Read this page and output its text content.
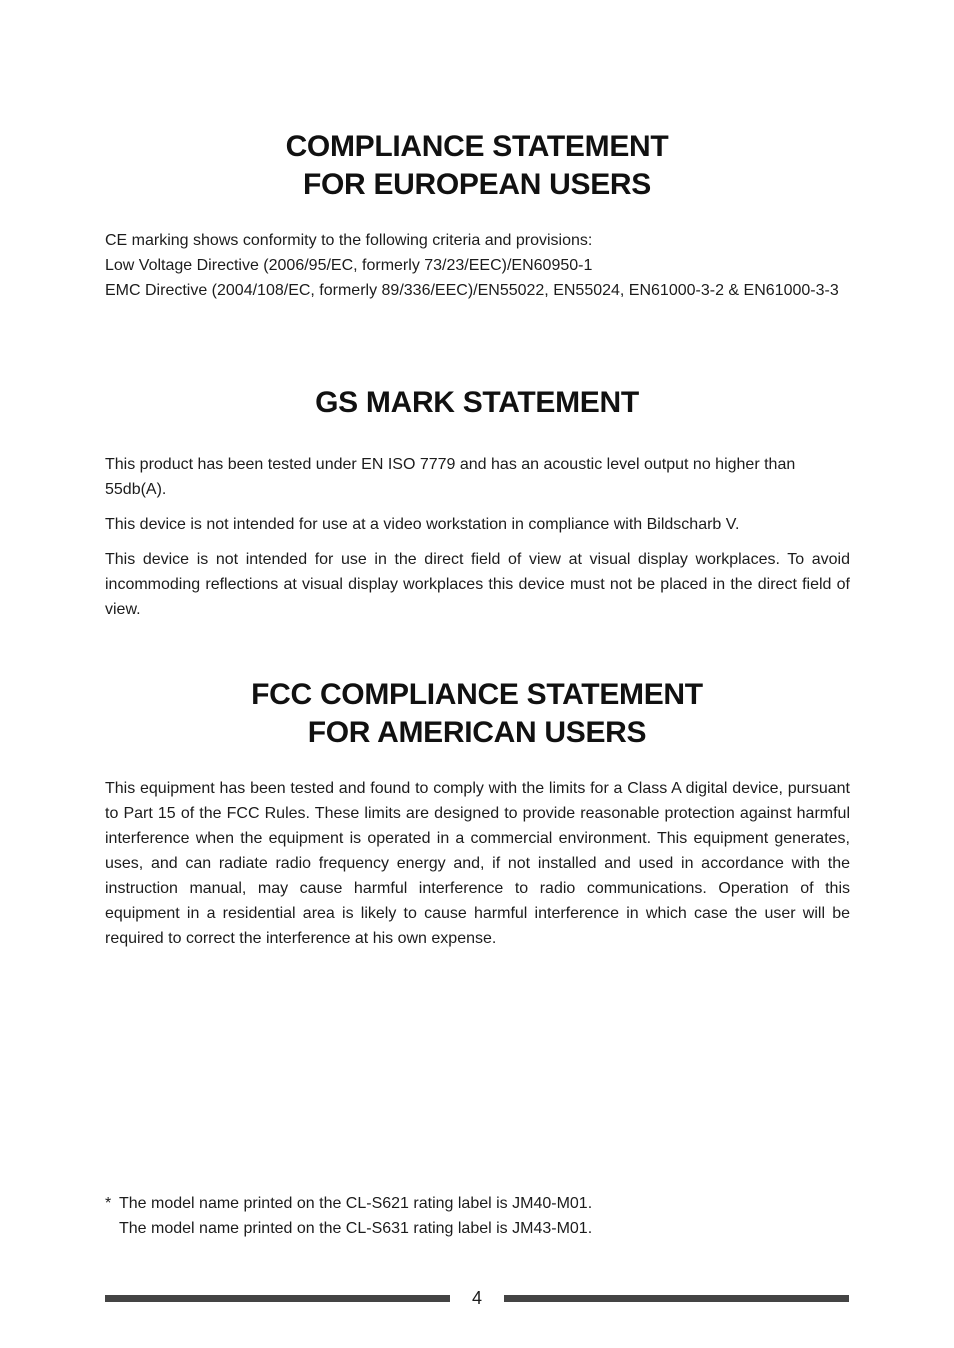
COMPLIANCE STATEMENT
FOR EUROPEAN USERS

CE marking shows conformity to the following criteria and provisions:

Low Voltage Directive (2006/95/EC, formerly 73/23/EEC)/EN60950-1

EMC Directive (2004/108/EC, formerly 89/336/EEC)/EN55022, EN55024, EN61000-3-2 & EN61000-3-3

GS MARK STATEMENT

This product has been tested under EN ISO 7779 and has an acoustic level output no higher than 55db(A).

This device is not intended for use at a video workstation in compliance with Bildscharb V.

This device is not intended for use in the direct field of view at visual display workplaces. To avoid incommoding reflections at visual display workplaces this device must not be placed in the direct field of view.

FCC COMPLIANCE STATEMENT
FOR AMERICAN USERS

This equipment has been tested and found to comply with the limits for a Class A digital device, pursuant to Part 15 of the FCC Rules. These limits are designed to provide reasonable protection against harmful interference when the equipment is operated in a commercial environment. This equipment generates, uses, and can radiate radio frequency energy and, if not installed and used in accordance with the instruction manual, may cause harmful interference to radio communications. Operation of this equipment in a residential area is likely to cause harmful interference in which case the user will be required to correct the interference at his own expense.

* The model name printed on the CL-S621 rating label is JM40-M01.
The model name printed on the CL-S631 rating label is JM43-M01.
4
